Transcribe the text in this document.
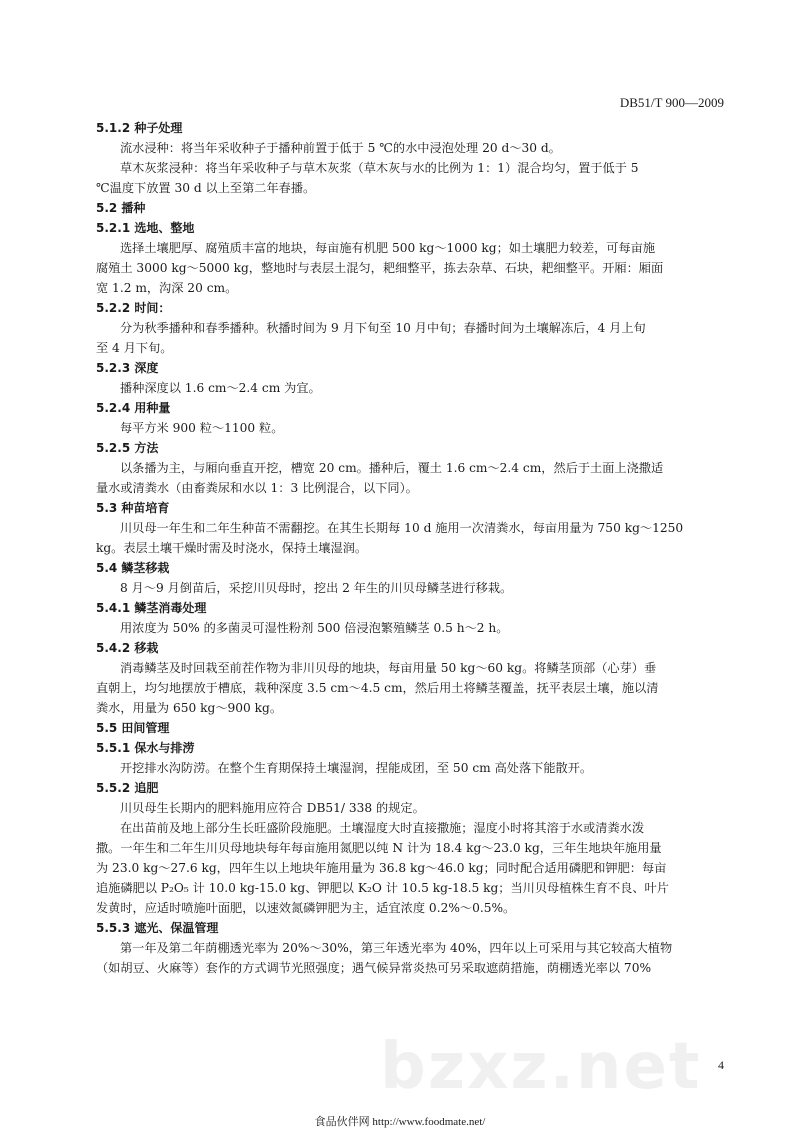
DB51/T 900—2009
5.1.2 种子处理
流水浸种：将当年采收种子于播种前置于低于 5 ℃的水中浸泡处理 20 d～30 d。
草木灰浆浸种：将当年采收种子与草木灰浆（草木灰与水的比例为 1：1）混合均匀，置于低于 5
℃温度下放置 30 d 以上至第二年春播。
5.2 播种
5.2.1 选地、整地
选择土壤肥厚、腐殖质丰富的地块，每亩施有机肥 500 kg～1000 kg；如土壤肥力较差，可每亩施
腐殖土 3000 kg～5000 kg，整地时与表层土混匀，耙细整平，拣去杂草、石块，耙细整平。开厢：厢面
宽 1.2 m，沟深 20 cm。
5.2.2 时间：
分为秋季播种和春季播种。秋播时间为 9 月下旬至 10 月中旬；春播时间为土壤解冻后，4 月上旬
至 4 月下旬。
5.2.3 深度
播种深度以 1.6 cm～2.4 cm 为宜。
5.2.4 用种量
每平方米 900 粒～1100 粒。
5.2.5 方法
以条播为主，与厢向垂直开挖，槽宽 20 cm。播种后，覆土 1.6 cm～2.4 cm，然后于土面上浇撒适
量水或清粪水（由畜粪尿和水以 1：3 比例混合，以下同）。
5.3 种苗培育
川贝母一年生和二年生种苗不需翻挖。在其生长期每 10 d 施用一次清粪水，每亩用量为 750 kg～1250
kg。表层土壤干燥时需及时浇水，保持土壤湿润。
5.4 鳞茎移栽
8 月～9 月倒苗后，采挖川贝母时，挖出 2 年生的川贝母鳞茎进行移栽。
5.4.1 鳞茎消毒处理
用浓度为 50% 的多菌灵可湿性粉剂 500 倍浸泡繁殖鳞茎 0.5 h～2 h。
5.4.2 移栽
消毒鳞茎及时回栽至前茬作物为非川贝母的地块，每亩用量 50 kg～60 kg。将鳞茎顶部（心芽）垂
直朝上，均匀地摆放于槽底，栽种深度 3.5 cm～4.5 cm，然后用土将鳞茎覆盖，抚平表层土壤，施以清
粪水，用量为 650 kg～900 kg。
5.5 田间管理
5.5.1 保水与排涝
开挖排水沟防涝。在整个生育期保持土壤湿润，捏能成团，至 50 cm 高处落下能散开。
5.5.2 追肥
川贝母生长期内的肥料施用应符合 DB51/ 338 的规定。
在出苗前及地上部分生长旺盛阶段施肥。土壤湿度大时直接撒施；湿度小时将其溶于水或清粪水泼
撒。一年生和二年生川贝母地块每年每亩施用氮肥以纯 N 计为 18.4 kg～23.0 kg，三年生地块年施用量
为 23.0 kg～27.6 kg，四年生以上地块年施用量为 36.8 kg～46.0 kg；同时配合适用磷肥和钾肥：每亩
追施磷肥以 P₂O₅ 计 10.0 kg-15.0 kg、钾肥以 K₂O 计 10.5 kg-18.5 kg；当川贝母植株生育不良、叶片
发黄时，应适时喷施叶面肥，以速效氮磷钾肥为主，适宜浓度 0.2%～0.5%。
5.5.3 遮光、保温管理
第一年及第二年荫棚透光率为 20%～30%，第三年透光率为 40%，四年以上可采用与其它较高大植物
（如胡豆、火麻等）套作的方式调节光照强度；遇气候异常炎热可另采取遮荫措施，荫棚透光率以 70%
bzxz.net 4
食品伙伴网 http://www.foodmate.net/
